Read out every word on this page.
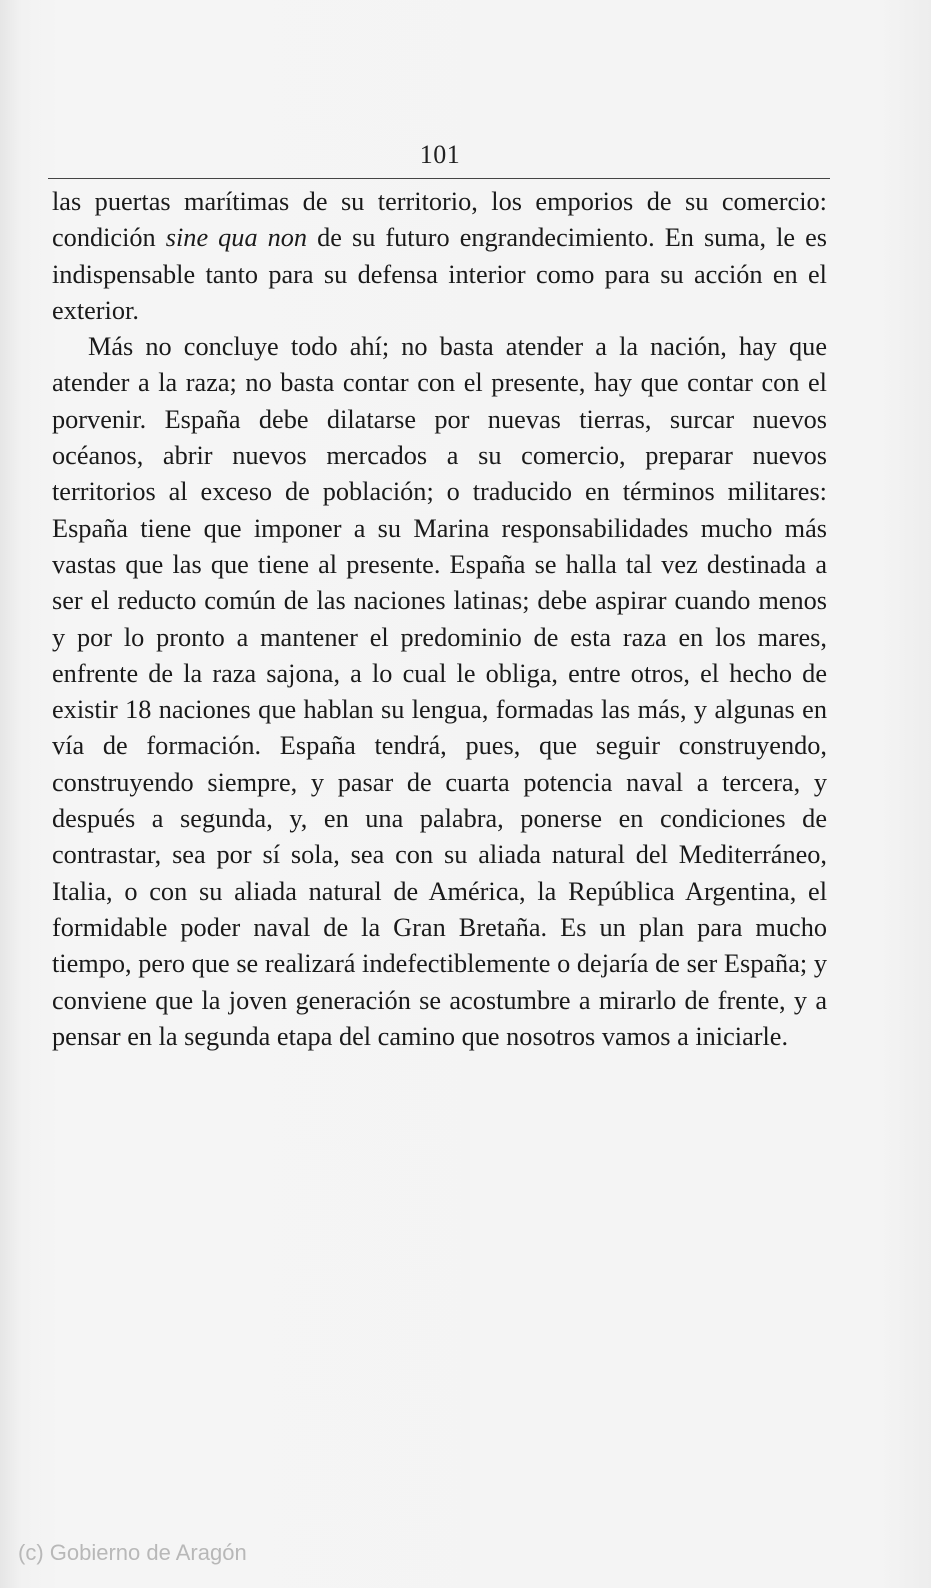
101

las puertas marítimas de su territorio, los emporios de su comercio: condición sine qua non de su futuro engrandecimiento. En suma, le es indispensable tanto para su defensa interior como para su acción en el exterior.

Más no concluye todo ahí; no basta atender a la nación, hay que atender a la raza; no basta contar con el presente, hay que contar con el porvenir. España debe dilatarse por nuevas tierras, surcar nuevos océanos, abrir nuevos mercados a su comercio, preparar nuevos territorios al exceso de población; o traducido en términos militares: España tiene que imponer a su Marina responsabilidades mucho más vastas que las que tiene al presente. España se halla tal vez destinada a ser el reducto común de las naciones latinas; debe aspirar cuando menos y por lo pronto a mantener el predominio de esta raza en los mares, enfrente de la raza sajona, a lo cual le obliga, entre otros, el hecho de existir 18 naciones que hablan su lengua, formadas las más, y algunas en vía de formación. España tendrá, pues, que seguir construyendo, construyendo siempre, y pasar de cuarta potencia naval a tercera, y después a segunda, y, en una palabra, ponerse en condiciones de contrastar, sea por sí sola, sea con su aliada natural del Mediterráneo, Italia, o con su aliada natural de América, la República Argentina, el formidable poder naval de la Gran Bretaña. Es un plan para mucho tiempo, pero que se realizará indefectiblemente o dejaría de ser España; y conviene que la joven generación se acostumbre a mirarlo de frente, y a pensar en la segunda etapa del camino que nosotros vamos a iniciarle.

(c) Gobierno de Aragón
